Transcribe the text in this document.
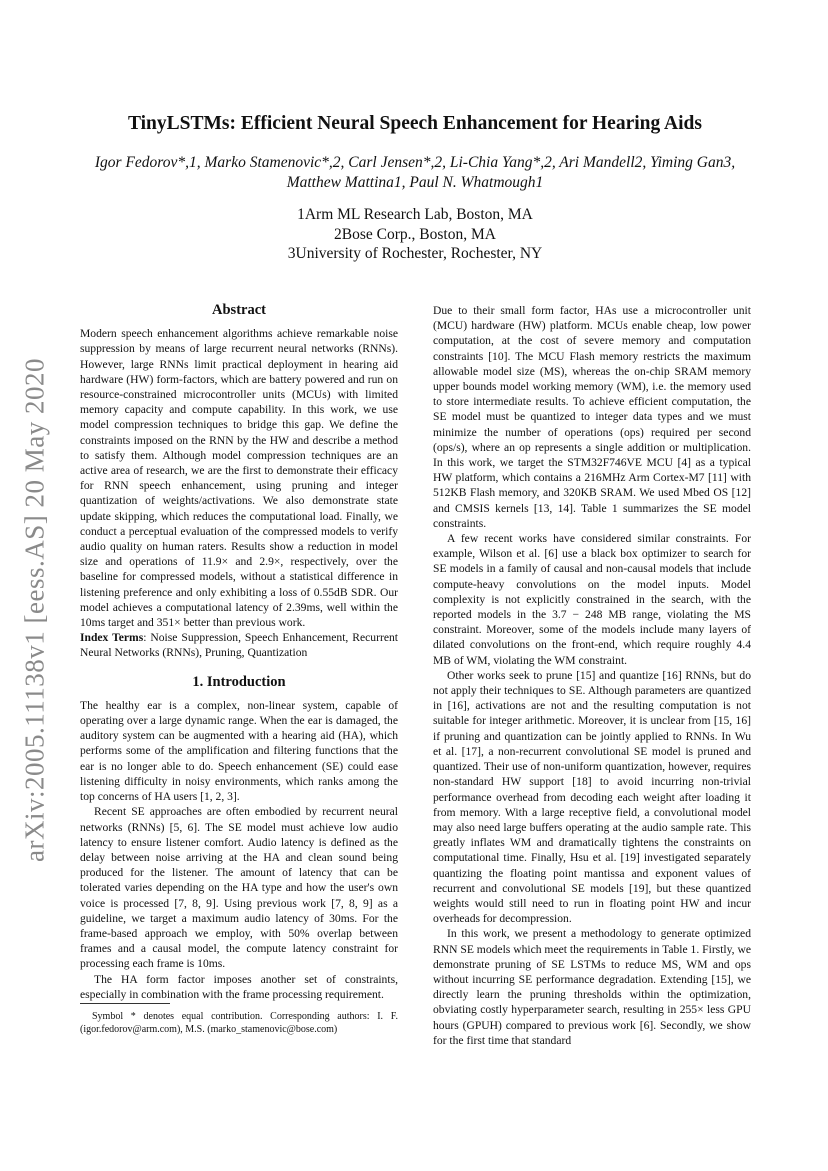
arXiv:2005.11138v1 [eess.AS] 20 May 2020
TinyLSTMs: Efficient Neural Speech Enhancement for Hearing Aids
Igor Fedorov*,1, Marko Stamenovic*,2, Carl Jensen*,2, Li-Chia Yang*,2, Ari Mandell2, Yiming Gan3,
Matthew Mattina1, Paul N. Whatmough1
1Arm ML Research Lab, Boston, MA
2Bose Corp., Boston, MA
3University of Rochester, Rochester, NY
Abstract

Modern speech enhancement algorithms achieve remarkable noise suppression by means of large recurrent neural networks (RNNs). However, large RNNs limit practical deployment in hearing aid hardware (HW) form-factors, which are battery powered and run on resource-constrained microcontroller units (MCUs) with limited memory capacity and compute capability. In this work, we use model compression techniques to bridge this gap. We define the constraints imposed on the RNN by the HW and describe a method to satisfy them. Although model compression techniques are an active area of research, we are the first to demonstrate their efficacy for RNN speech enhancement, using pruning and integer quantization of weights/activations. We also demonstrate state update skipping, which reduces the computational load. Finally, we conduct a perceptual evaluation of the compressed models to verify audio quality on human raters. Results show a reduction in model size and operations of 11.9× and 2.9×, respectively, over the baseline for compressed models, without a statistical difference in listening preference and only exhibiting a loss of 0.55dB SDR. Our model achieves a computational latency of 2.39ms, well within the 10ms target and 351× better than previous work.

Index Terms: Noise Suppression, Speech Enhancement, Recurrent Neural Networks (RNNs), Pruning, Quantization

1. Introduction

The healthy ear is a complex, non-linear system, capable of operating over a large dynamic range. When the ear is damaged, the auditory system can be augmented with a hearing aid (HA), which performs some of the amplification and filtering functions that the ear is no longer able to do. Speech enhancement (SE) could ease listening difficulty in noisy environments, which ranks among the top concerns of HA users [1, 2, 3].

Recent SE approaches are often embodied by recurrent neural networks (RNNs) [5, 6]. The SE model must achieve low audio latency to ensure listener comfort. Audio latency is defined as the delay between noise arriving at the HA and clean sound being produced for the listener. The amount of latency that can be tolerated varies depending on the HA type and how the user's own voice is processed [7, 8, 9]. Using previous work [7, 8, 9] as a guideline, we target a maximum audio latency of 30ms. For the frame-based approach we employ, with 50% overlap between frames and a causal model, the compute latency constraint for processing each frame is 10ms.

The HA form factor imposes another set of constraints, especially in combination with the frame processing requirement.

Due to their small form factor, HAs use a microcontroller unit (MCU) hardware (HW) platform. MCUs enable cheap, low power computation, at the cost of severe memory and computation constraints [10]. The MCU Flash memory restricts the maximum allowable model size (MS), whereas the on-chip SRAM memory upper bounds model working memory (WM), i.e. the memory used to store intermediate results. To achieve efficient computation, the SE model must be quantized to integer data types and we must minimize the number of operations (ops) required per second (ops/s), where an op represents a single addition or multiplication. In this work, we target the STM32F746VE MCU [4] as a typical HW platform, which contains a 216MHz Arm Cortex-M7 [11] with 512KB Flash memory, and 320KB SRAM. We used Mbed OS [12] and CMSIS kernels [13, 14]. Table 1 summarizes the SE model constraints.

A few recent works have considered similar constraints. For example, Wilson et al. [6] use a black box optimizer to search for SE models in a family of causal and non-causal models that include compute-heavy convolutions on the model inputs. Model complexity is not explicitly constrained in the search, with the reported models in the 3.7 − 248 MB range, violating the MS constraint. Moreover, some of the models include many layers of dilated convolutions on the front-end, which require roughly 4.4 MB of WM, violating the WM constraint.

Other works seek to prune [15] and quantize [16] RNNs, but do not apply their techniques to SE. Although parameters are quantized in [16], activations are not and the resulting computation is not suitable for integer arithmetic. Moreover, it is unclear from [15, 16] if pruning and quantization can be jointly applied to RNNs. In Wu et al. [17], a non-recurrent convolutional SE model is pruned and quantized. Their use of non-uniform quantization, however, requires non-standard HW support [18] to avoid incurring non-trivial performance overhead from decoding each weight after loading it from memory. With a large receptive field, a convolutional model may also need large buffers operating at the audio sample rate. This greatly inflates WM and dramatically tightens the constraints on computational time. Finally, Hsu et al. [19] investigated separately quantizing the floating point mantissa and exponent values of recurrent and convolutional SE models [19], but these quantized weights would still need to run in floating point HW and incur overheads for decompression.

In this work, we present a methodology to generate optimized RNN SE models which meet the requirements in Table 1. Firstly, we demonstrate pruning of SE LSTMs to reduce MS, WM and ops without incurring SE performance degradation. Extending [15], we directly learn the pruning thresholds within the optimization, obviating costly hyperparameter search, resulting in 255× less GPU hours (GPUH) compared to previous work [6]. Secondly, we show for the first time that standard

Symbol * denotes equal contribution. Corresponding authors: I. F. (igor.fedorov@arm.com), M.S. (marko_stamenovic@bose.com)
